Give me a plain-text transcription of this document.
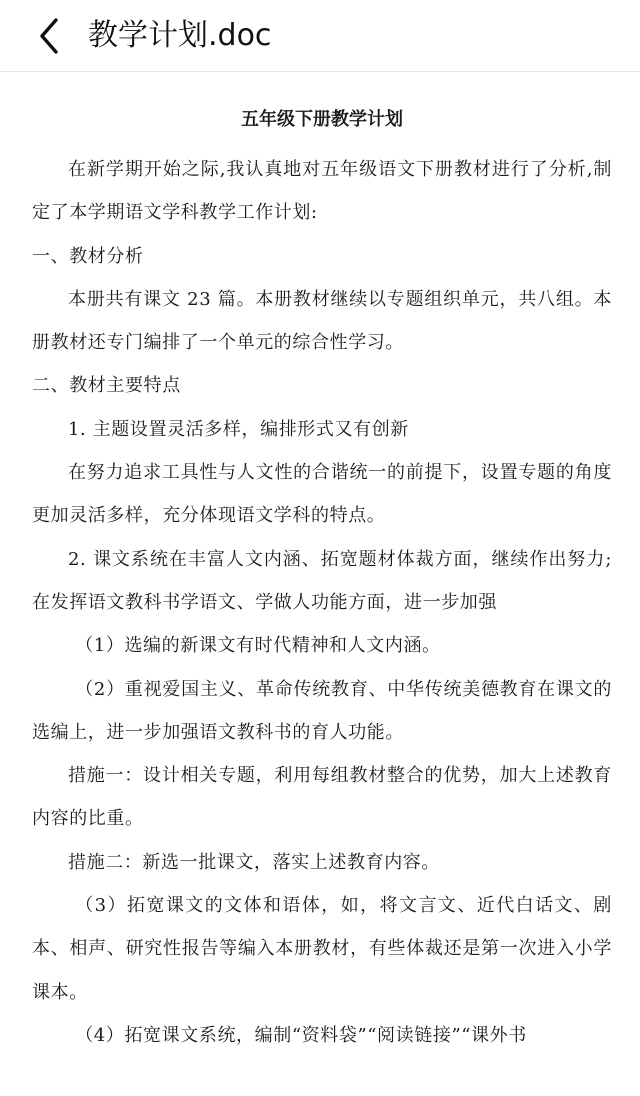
教学计划.doc
五年级下册教学计划

在新学期开始之际,我认真地对五年级语文下册教材进行了分析,制定了本学期语文学科教学工作计划:

一、教材分析

本册共有课文 23 篇。本册教材继续以专题组织单元，共八组。本册教材还专门编排了一个单元的综合性学习。

二、教材主要特点

1. 主题设置灵活多样，编排形式又有创新

在努力追求工具性与人文性的合谐统一的前提下，设置专题的角度更加灵活多样，充分体现语文学科的特点。

2. 课文系统在丰富人文内涵、拓宽题材体裁方面，继续作出努力;在发挥语文教科书学语文、学做人功能方面，进一步加强

（1）选编的新课文有时代精神和人文内涵。

（2）重视爱国主义、革命传统教育、中华传统美德教育在课文的选编上，进一步加强语文教科书的育人功能。

措施一：设计相关专题，利用每组教材整合的优势，加大上述教育内容的比重。

措施二：新选一批课文，落实上述教育内容。

（3）拓宽课文的文体和语体，如，将文言文、近代白话文、剧本、相声、研究性报告等编入本册教材，有些体裁还是第一次进入小学课本。

（4）拓宽课文系统，编制“资料袋”“阅读链接”“课外书
